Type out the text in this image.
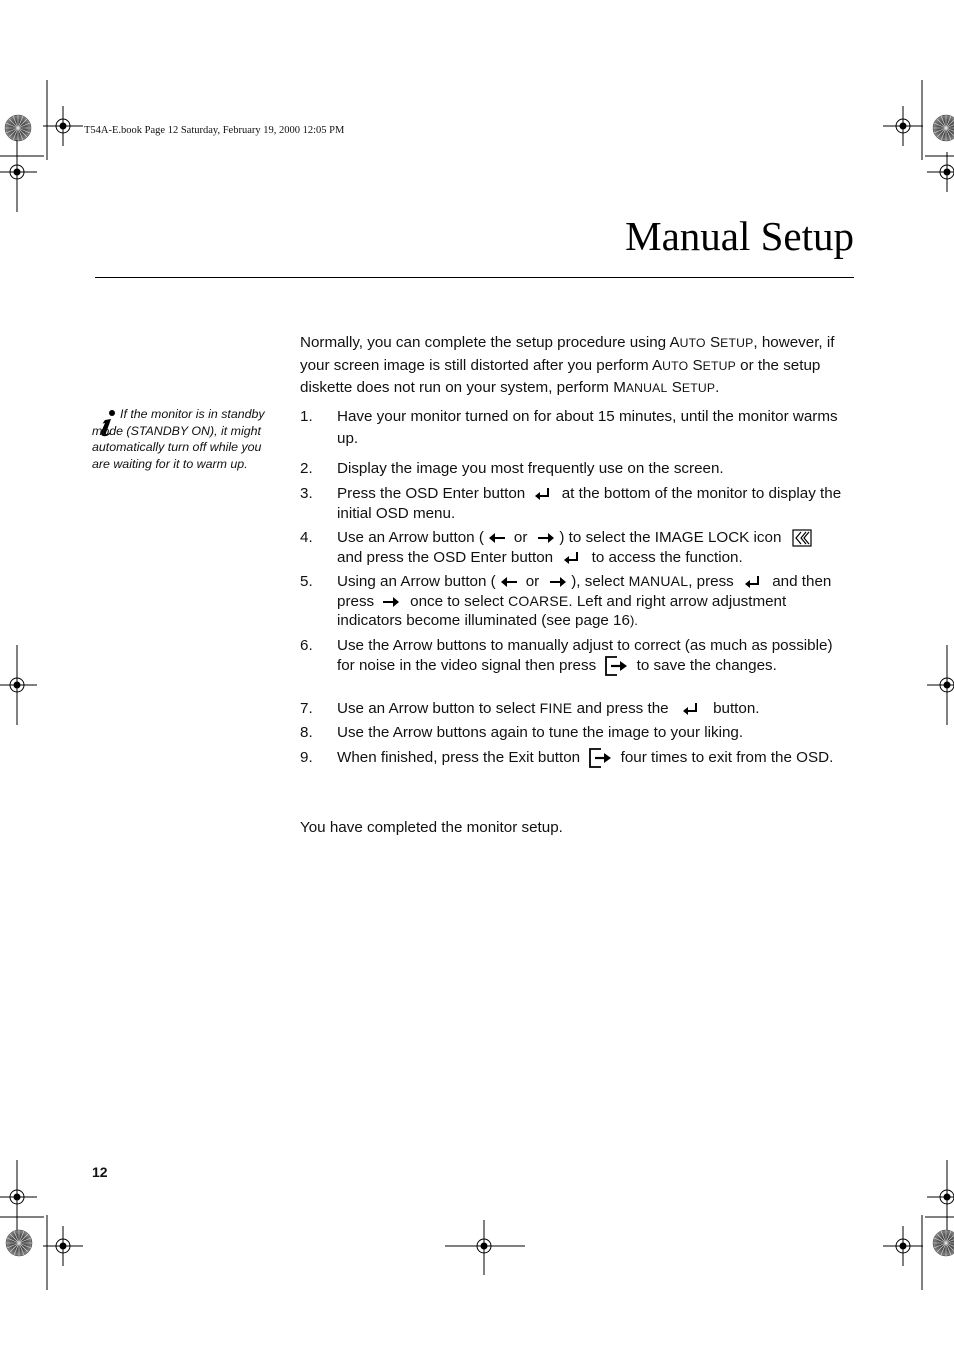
T54A-E.book Page 12 Saturday, February 19, 2000 12:05 PM
Manual Setup
Normally, you can complete the setup procedure using AUTO SETUP, however, if your screen image is still distorted after you perform AUTO SETUP or the setup diskette does not run on your system, perform MANUAL SETUP.
If the monitor is in standby mode (STANDBY ON), it might automatically turn off while you are waiting for it to warm up.
1. Have your monitor turned on for about 15 minutes, until the monitor warms up.
2. Display the image you most frequently use on the screen.
3. Press the OSD Enter button at the bottom of the monitor to display the initial OSD menu.
4. Use an Arrow button ( or ) to select the IMAGE LOCK icon

and press the OSD Enter button	to access the function.
5. Using an Arrow button ( or ), select MANUAL, press	and then
press once to select COARSE. Left and right arrow adjustment indicators become illuminated (see page 16).
6. Use the Arrow buttons to manually adjust to correct (as much as possible) for noise in the video signal then press	to save the changes.
7. Use an Arrow button to select FINE and press the	button.
8. Use the Arrow buttons again to tune the image to your liking.
9. When finished, press the Exit button	four times to exit from the OSD.
You have completed the monitor setup.
12
